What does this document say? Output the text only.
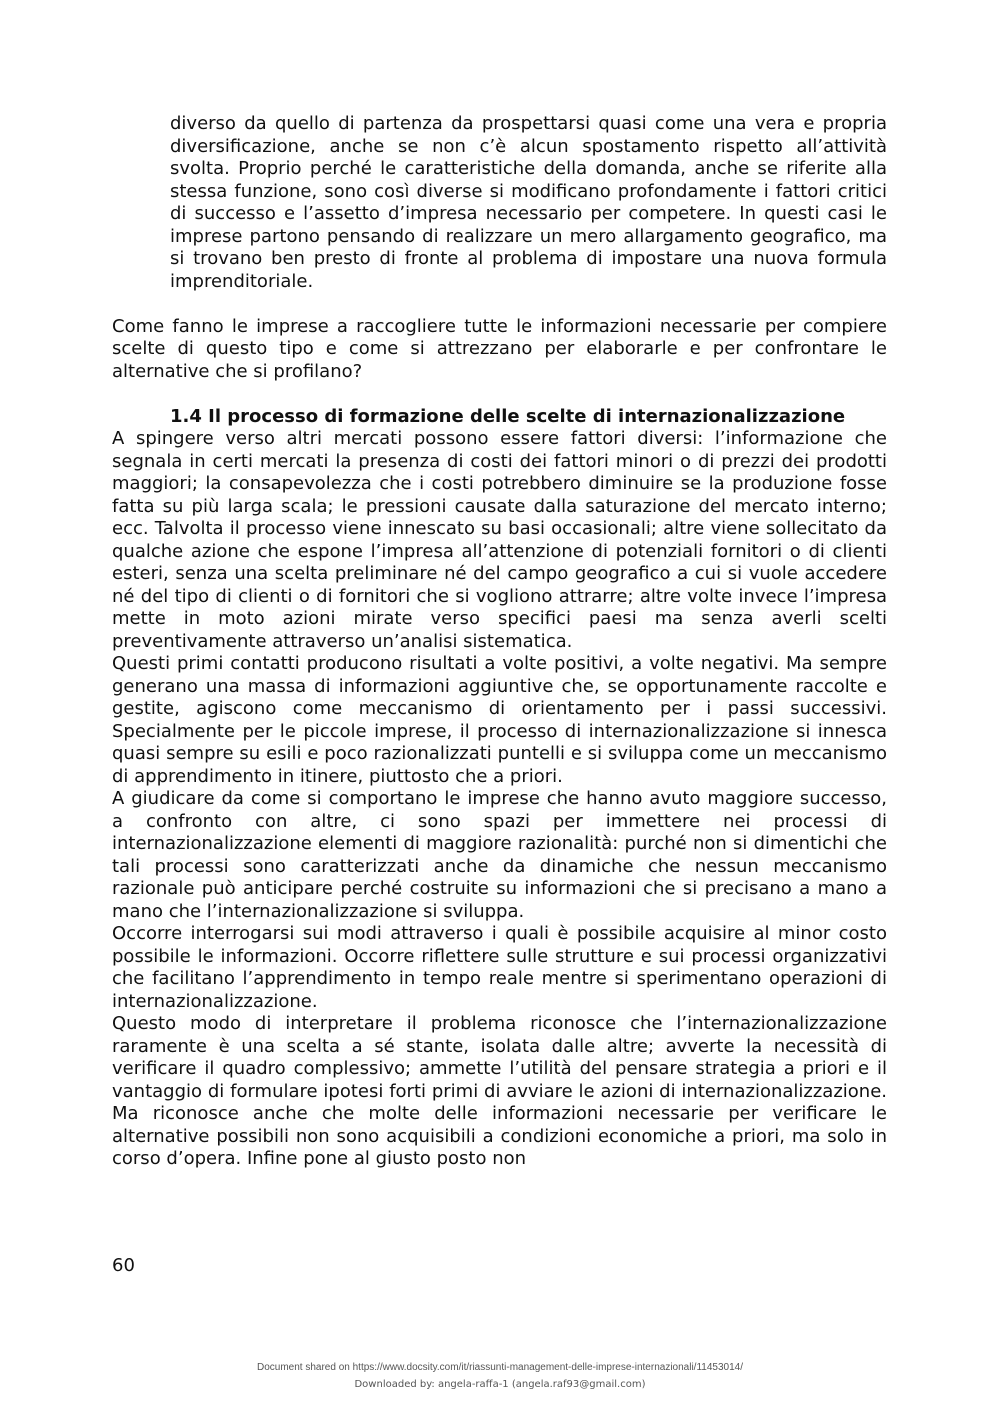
diverso da quello di partenza da prospettarsi quasi come una vera e propria diversificazione, anche se non c’è alcun spostamento rispetto all’attività svolta. Proprio perché le caratteristiche della domanda, anche se riferite alla stessa funzione, sono così diverse si modificano profondamente i fattori critici di successo e l’assetto d’impresa necessario per competere. In questi casi le imprese partono pensando di realizzare un mero allargamento geografico, ma si trovano ben presto di fronte al problema di impostare una nuova formula imprenditoriale.

Come fanno le imprese a raccogliere tutte le informazioni necessarie per compiere scelte di questo tipo e come si attrezzano per elaborarle e per confrontare le alternative che si profilano?

1.4 Il processo di formazione delle scelte di internazionalizzazione

A spingere verso altri mercati possono essere fattori diversi: l’informazione che segnala in certi mercati la presenza di costi dei fattori minori o di prezzi dei prodotti maggiori; la consapevolezza che i costi potrebbero diminuire se la produzione fosse fatta su più larga scala; le pressioni causate dalla saturazione del mercato interno; ecc. Talvolta il processo viene innescato su basi occasionali; altre viene sollecitato da qualche azione che espone l’impresa all’attenzione di potenziali fornitori o di clienti esteri, senza una scelta preliminare né del campo geografico a cui si vuole accedere né del tipo di clienti o di fornitori che si vogliono attrarre; altre volte invece l’impresa mette in moto azioni mirate verso specifici paesi ma senza averli scelti preventivamente attraverso un’analisi sistematica.

Questi primi contatti producono risultati a volte positivi, a volte negativi. Ma sempre generano una massa di informazioni aggiuntive che, se opportunamente raccolte e gestite, agiscono come meccanismo di orientamento per i passi successivi. Specialmente per le piccole imprese, il processo di internazionalizzazione si innesca quasi sempre su esili e poco razionalizzati puntelli e si sviluppa come un meccanismo di apprendimento in itinere, piuttosto che a priori.

A giudicare da come si comportano le imprese che hanno avuto maggiore successo, a confronto con altre, ci sono spazi per immettere nei processi di internazionalizzazione elementi di maggiore razionalità: purché non si dimentichi che tali processi sono caratterizzati anche da dinamiche che nessun meccanismo razionale può anticipare perché costruite su informazioni che si precisano a mano a mano che l’internazionalizzazione si sviluppa.

Occorre interrogarsi sui modi attraverso i quali è possibile acquisire al minor costo possibile le informazioni. Occorre riflettere sulle strutture e sui processi organizzativi che facilitano l’apprendimento in tempo reale mentre si sperimentano operazioni di internazionalizzazione.

Questo modo di interpretare il problema riconosce che l’internazionalizzazione raramente è una scelta a sé stante, isolata dalle altre; avverte la necessità di verificare il quadro complessivo; ammette l’utilità del pensare strategia a priori e il vantaggio di formulare ipotesi forti primi di avviare le azioni di internazionalizzazione. Ma riconosce anche che molte delle informazioni necessarie per verificare le alternative possibili non sono acquisibili a condizioni economiche a priori, ma solo in corso d’opera. Infine pone al giusto posto non

60
Document shared on https://www.docsity.com/it/riassunti-management-delle-imprese-internazionali/11453014/
Downloaded by: angela-raffa-1 (angela.raf93@gmail.com)
